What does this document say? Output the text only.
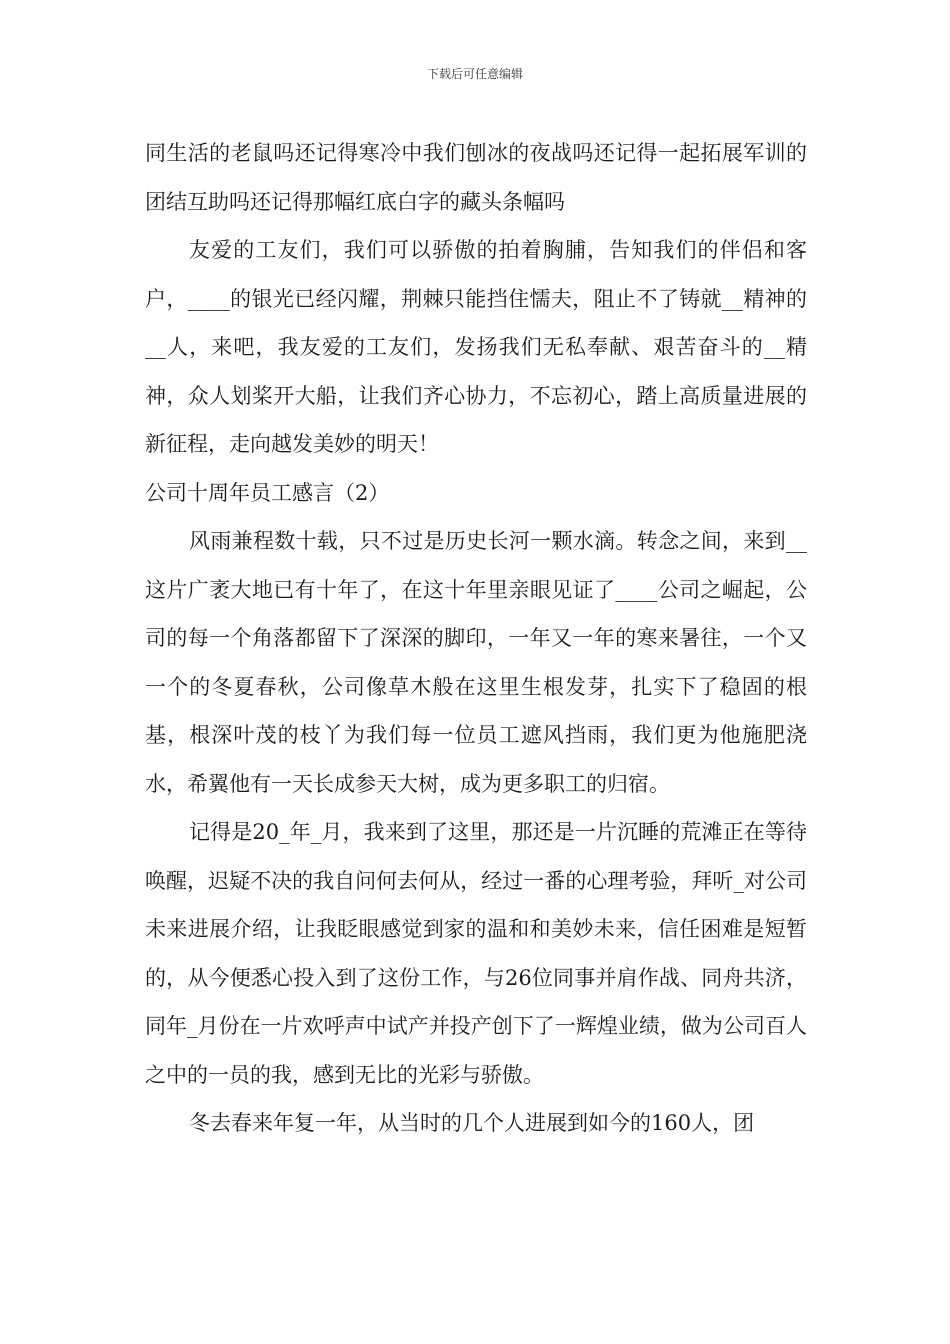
下载后可任意编辑

同生活的老鼠吗还记得寒冷中我们刨冰的夜战吗还记得一起拓展军训的团结互助吗还记得那幅红底白字的藏头条幅吗

友爱的工友们，我们可以骄傲的拍着胸脯，告知我们的伴侣和客户，____的银光已经闪耀，荆棘只能挡住懦夫，阻止不了铸就__精神的__人，来吧，我友爱的工友们，发扬我们无私奉献、艰苦奋斗的__精神，众人划桨开大船，让我们齐心协力，不忘初心，踏上高质量进展的新征程，走向越发美妙的明天！

公司十周年员工感言（2）

风雨兼程数十载，只不过是历史长河一颗水滴。转念之间，来到__这片广袤大地已有十年了，在这十年里亲眼见证了____公司之崛起，公司的每一个角落都留下了深深的脚印，一年又一年的寒来暑往，一个又一个的冬夏春秋，公司像草木般在这里生根发芽，扎实下了稳固的根基，根深叶茂的枝丫为我们每一位员工遮风挡雨，我们更为他施肥浇水，希翼他有一天长成参天大树，成为更多职工的归宿。

记得是20_年_月，我来到了这里，那还是一片沉睡的荒滩正在等待唤醒，迟疑不决的我自问何去何从，经过一番的心理考验，拜听_对公司未来进展介绍，让我眨眼感觉到家的温和和美妙未来，信任困难是短暂的，从今便悉心投入到了这份工作，与26位同事并肩作战、同舟共济，同年_月份在一片欢呼声中试产并投产创下了一辉煌业绩，做为公司百人之中的一员的我，感到无比的光彩与骄傲。

冬去春来年复一年，从当时的几个人进展到如今的160人，团
